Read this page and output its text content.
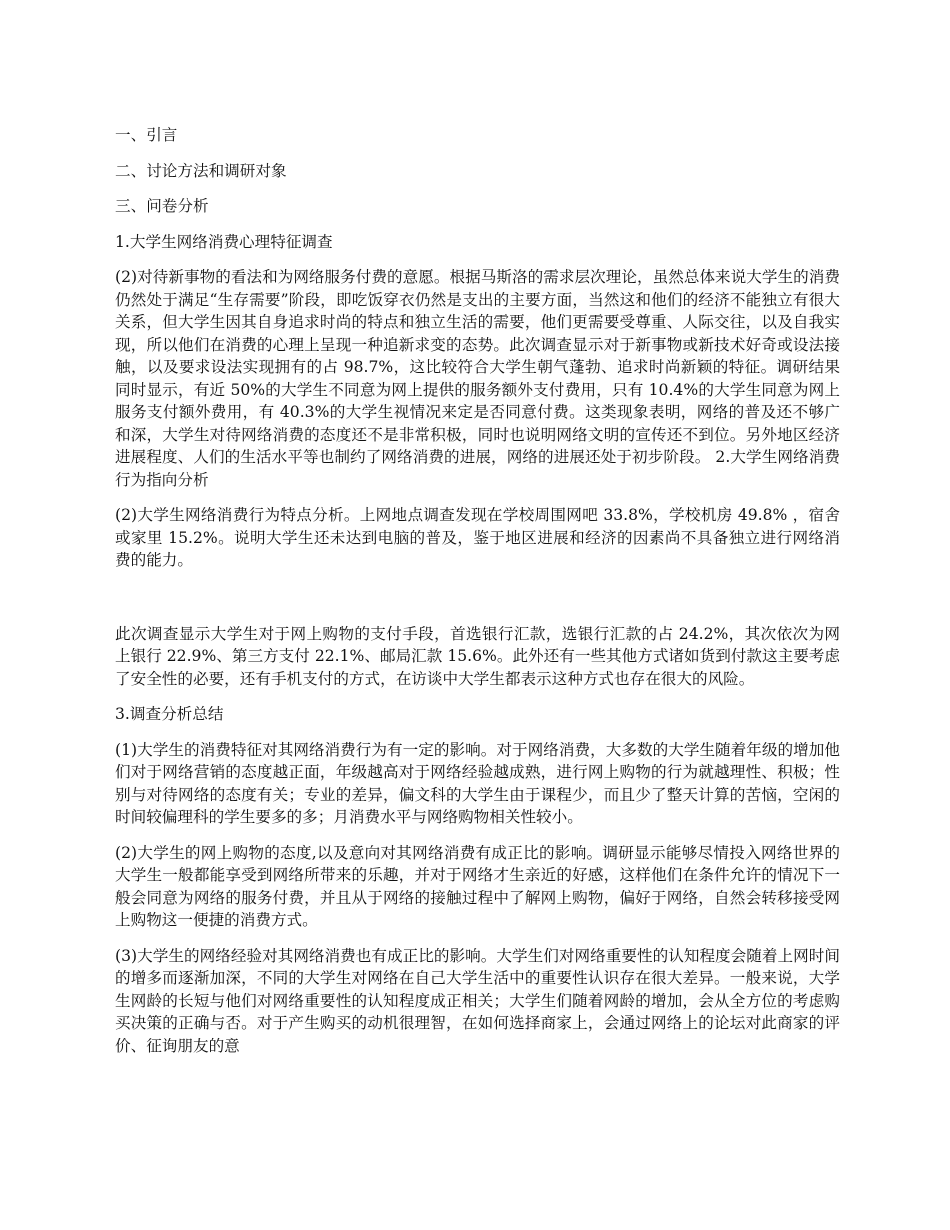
一、引言
二、讨论方法和调研对象
三、问卷分析
1.大学生网络消费心理特征调查
(2)对待新事物的看法和为网络服务付费的意愿。根据马斯洛的需求层次理论，虽然总体来说大学生的消费仍然处于满足“生存需要”阶段，即吃饭穿衣仍然是支出的主要方面，当然这和他们的经济不能独立有很大关系，但大学生因其自身追求时尚的特点和独立生活的需要，他们更需要受尊重、人际交往，以及自我实现，所以他们在消费的心理上呈现一种追新求变的态势。此次调查显示对于新事物或新技术好奇或设法接触，以及要求设法实现拥有的占 98.7%，这比较符合大学生朝气蓬勃、追求时尚新颖的特征。调研结果同时显示，有近 50%的大学生不同意为网上提供的服务额外支付费用，只有 10.4%的大学生同意为网上服务支付额外费用，有 40.3%的大学生视情况来定是否同意付费。这类现象表明，网络的普及还不够广和深，大学生对待网络消费的态度还不是非常积极，同时也说明网络文明的宣传还不到位。另外地区经济进展程度、人们的生活水平等也制约了网络消费的进展，网络的进展还处于初步阶段。 2.大学生网络消费行为指向分析
(2)大学生网络消费行为特点分析。上网地点调查发现在学校周围网吧 33.8%，学校机房 49.8% ，宿舍或家里 15.2%。说明大学生还未达到电脑的普及，鉴于地区进展和经济的因素尚不具备独立进行网络消费的能力。
此次调查显示大学生对于网上购物的支付手段，首选银行汇款，选银行汇款的占 24.2%，其次依次为网上银行 22.9%、第三方支付 22.1%、邮局汇款 15.6%。此外还有一些其他方式诸如货到付款这主要考虑了安全性的必要，还有手机支付的方式，在访谈中大学生都表示这种方式也存在很大的风险。
3.调查分析总结
(1)大学生的消费特征对其网络消费行为有一定的影响。对于网络消费，大多数的大学生随着年级的增加他们对于网络营销的态度越正面，年级越高对于网络经验越成熟，进行网上购物的行为就越理性、积极；性别与对待网络的态度有关；专业的差异，偏文科的大学生由于课程少，而且少了整天计算的苦恼，空闲的时间较偏理科的学生要多的多；月消费水平与网络购物相关性较小。
(2)大学生的网上购物的态度,以及意向对其网络消费有成正比的影响。调研显示能够尽情投入网络世界的大学生一般都能享受到网络所带来的乐趣，并对于网络才生亲近的好感，这样他们在条件允许的情况下一般会同意为网络的服务付费，并且从于网络的接触过程中了解网上购物，偏好于网络，自然会转移接受网上购物这一便捷的消费方式。
(3)大学生的网络经验对其网络消费也有成正比的影响。大学生们对网络重要性的认知程度会随着上网时间的增多而逐渐加深，不同的大学生对网络在自己大学生活中的重要性认识存在很大差异。一般来说，大学生网龄的长短与他们对网络重要性的认知程度成正相关；大学生们随着网龄的增加，会从全方位的考虑购买决策的正确与否。对于产生购买的动机很理智，在如何选择商家上，会通过网络上的论坛对此商家的评价、征询朋友的意
